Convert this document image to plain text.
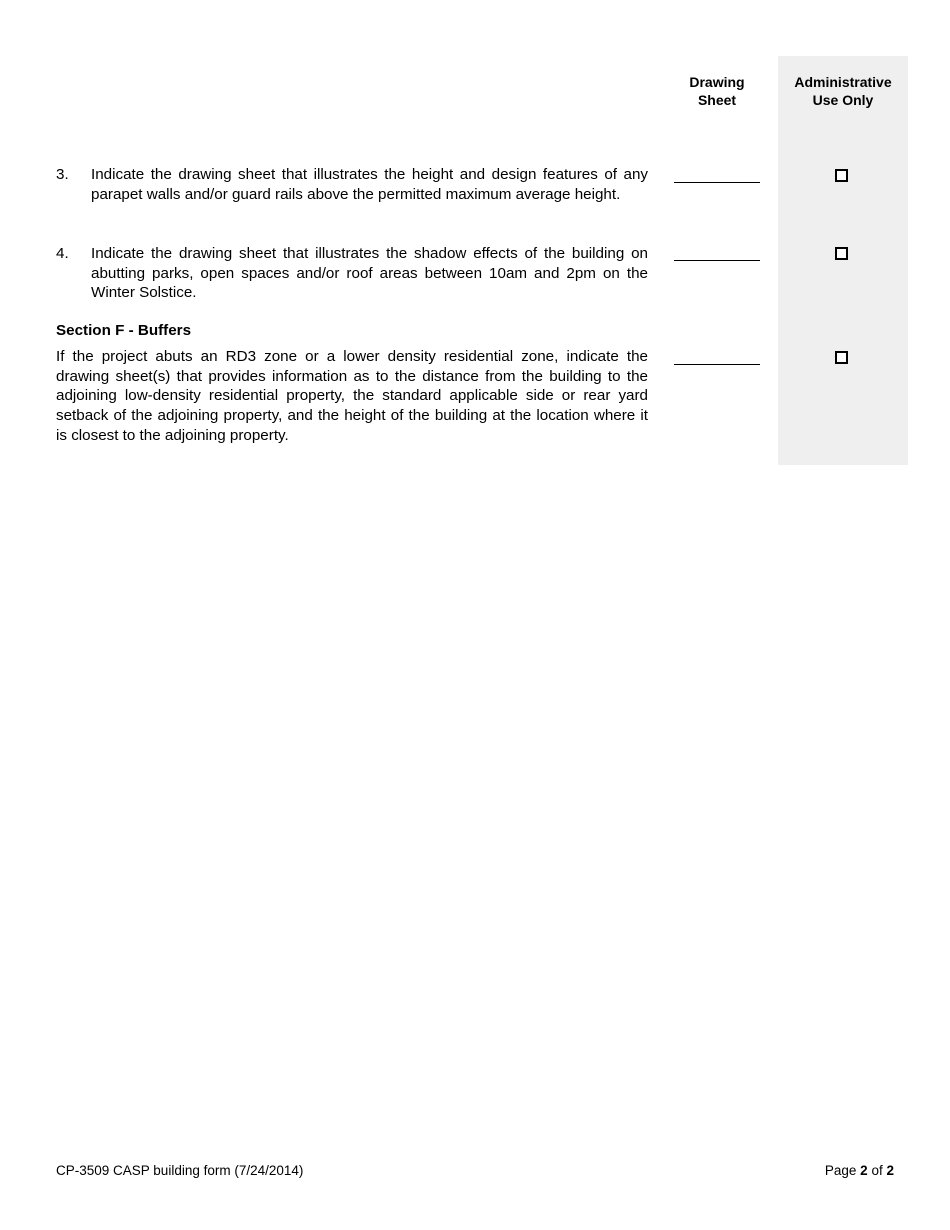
Drawing
Sheet
Administrative
Use Only
3. Indicate the drawing sheet that illustrates the height and design features of any parapet walls and/or guard rails above the permitted maximum average height.
4. Indicate the drawing sheet that illustrates the shadow effects of the building on abutting parks, open spaces and/or roof areas between 10am and 2pm on the Winter Solstice.
Section F - Buffers
If the project abuts an RD3 zone or a lower density residential zone, indicate the drawing sheet(s) that provides information as to the distance from the building to the adjoining low-density residential property, the standard applicable side or rear yard setback of the adjoining property, and the height of the building at the location where it is closest to the adjoining property.
CP-3509 CASP building form (7/24/2014)	Page 2 of 2
